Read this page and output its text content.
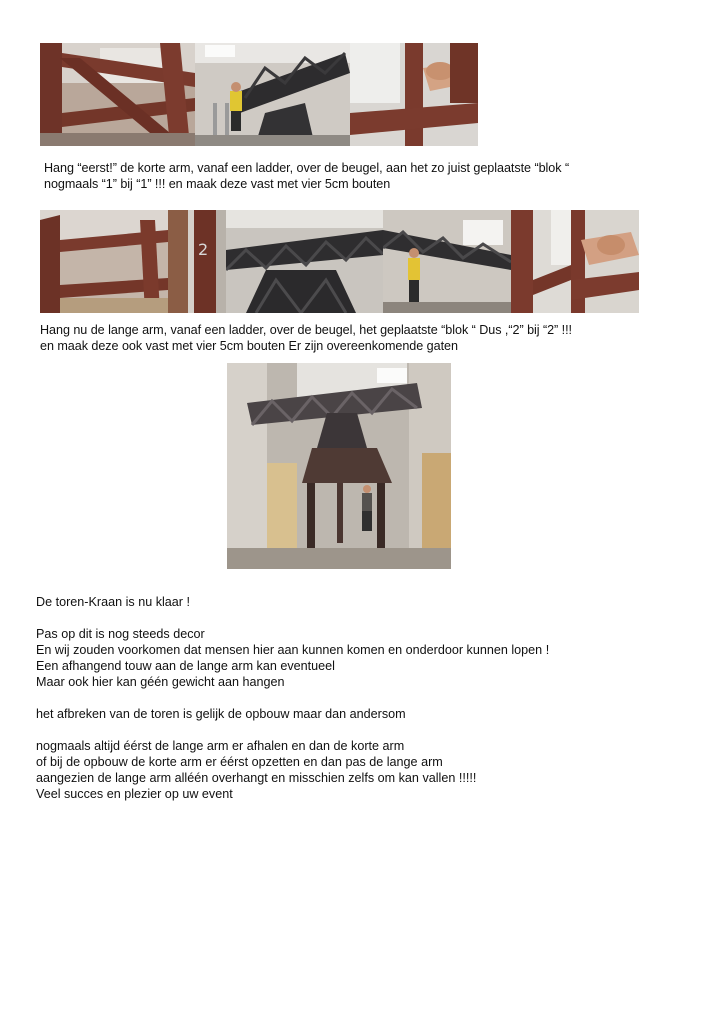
Hang “eerst!” de korte arm, vanaf een ladder, over de beugel, aan het zo juist geplaatste “blok “
nogmaals “1” bij “1” !!! en maak deze vast met vier 5cm bouten
2
Hang nu de lange arm, vanaf een ladder, over de beugel, het geplaatste “blok “ Dus ,“2” bij “2” !!!
en maak deze ook vast met vier 5cm bouten Er zijn overeenkomende gaten
De toren-Kraan is nu klaar !
Pas op dit is nog steeds decor
En wij zouden voorkomen dat mensen hier aan kunnen komen en onderdoor kunnen lopen !
Een afhangend touw aan de lange arm kan eventueel
Maar ook hier kan géén gewicht aan hangen
het afbreken van de toren is gelijk de opbouw maar dan andersom
nogmaals altijd éérst de lange arm er afhalen en dan de korte arm
of bij de opbouw de korte arm er éérst opzetten en dan pas de lange arm
aangezien de lange arm alléén overhangt en misschien zelfs om kan vallen !!!!!
Veel succes en plezier op uw event
